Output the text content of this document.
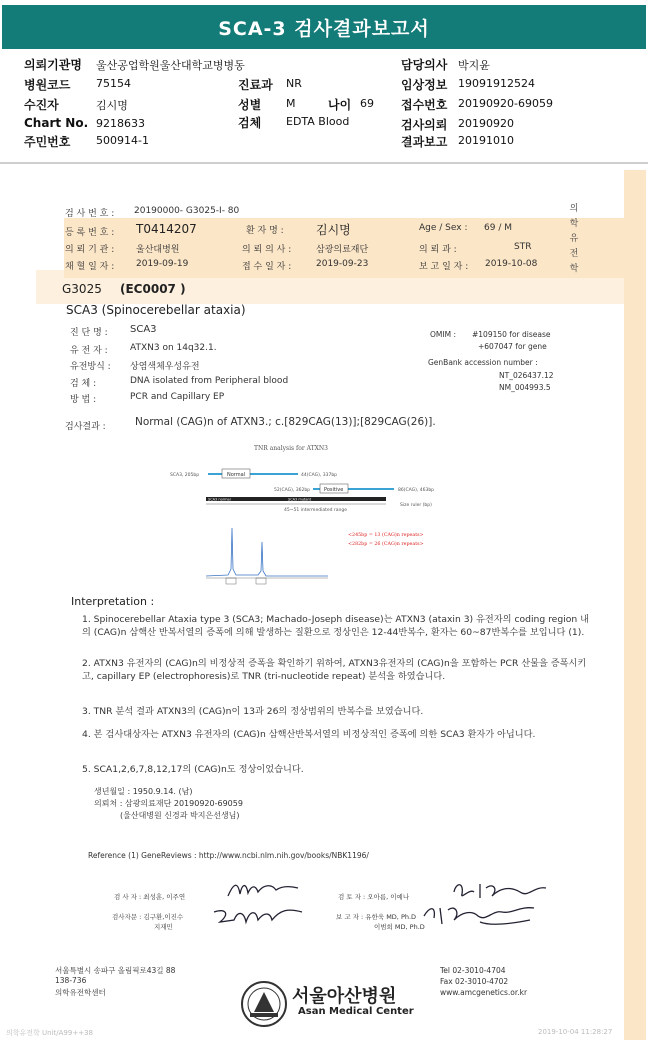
SCA-3 검사결과보고서
의뢰기관명 울산공업학원울산대학교병병동
병원코드 75154
수진자	김시명
Chart No. 9218633
주민번호 500914-1
진료과 NR
성별 M	나이 69
검체 EDTA Blood
담당의사 박지윤
임상정보 19091912524
접수번호 20190920-69059
검사의뢰 20190920
결과보고 20191010
의
학
유
전
학
검 사 번 호 : 20190000- G3025-I- 80
등 록 번 호 : T0414207	환 자 명 :	김시명	Age / Sex : 69 / M
의 뢰 기 관 : 울산대병원	의 뢰 의 사 :	삼광의료재단	의 뢰 과 :	STR
채 혈 일 자 : 2019-09-19	접 수 일 자 :	2019-09-23	보 고 일 자 : 2019-10-08
G3025 (EC0007 )
SCA3 (Spinocerebellar ataxia)
진 단 명 : SCA3
유 전 자 : ATXN3 on 14q32.1.
유전방식 : 상염색체우성유전
검 체 :	DNA isolated from Peripheral blood
방 법 :	PCR and Capillary EP
OMIM : #109150 for disease
+607047 for gene
GenBank accession number :
NT_026437.12
NM_004993.5
검사결과 :	Normal (CAG)n of ATXN3.; c.[829CAG(13)];[829CAG(26)].
TNR analysis for ATXN3
SCA3, 205bp	Normal	44(CAG), 337bp
52(CAG), 362bp	Positive	86(CAG), 463bp
SCA3 normal	SCA3 mutant
Size ruler (bp)
45~51 intermediated range
<245bp = 13 (CAG)n repeats>
<282bp = 26 (CAG)n repeats>
Interpretation :
1. Spinocerebellar Ataxia type 3 (SCA3; Machado-Joseph disease)는 ATXN3 (ataxin 3) 유전자의 coding region 내의 (CAG)n 삼핵산 반복서열의 증폭에 의해 발생하는 질환으로 정상인은 12-44반복수, 환자는 60~87반복수를 보입니다 (1).
2. ATXN3 유전자의 (CAG)n의 비정상적 증폭을 확인하기 위하여, ATXN3유전자의 (CAG)n을 포함하는 PCR 산물을 증폭시키고, capillary EP (electrophoresis)로 TNR (tri-nucleotide repeat) 분석을 하였습니다.
3. TNR 분석 결과 ATXN3의 (CAG)n이 13과 26의 정상범위의 반복수를 보였습니다.
4. 본 검사대상자는 ATXN3 유전자의 (CAG)n 삼핵산반복서열의 비정상적인 증폭에 의한 SCA3 환자가 아닙니다.
5. SCA1,2,6,7,8,12,17의 (CAG)n도 정상이었습니다.
생년월일 : 1950.9.14. (남)
의뢰처 : 삼광의료재단 20190920-69059
(울산대병원 신경과 박지은선생님)
Reference (1) GeneReviews : http://www.ncbi.nlm.nih.gov/books/NBK1196/
검 사 자 : 최성훈, 이주연	검 토 자 : 오아름, 이예나
검사자문 : 김구환,이진수
지재민
보 고 자 : 유한욱 MD, Ph.D
이범희 MD, Ph.D
서울특별시 송파구 올림픽로43길 88
138-736
의학유전학센터
Tel 02-3010-4704
Fax 02-3010-4702
www.amcgenetics.or.kr
서울아산병원
Asan Medical Center
의학유전학 Unit/A99++38	2019-10-04 11:28:27
